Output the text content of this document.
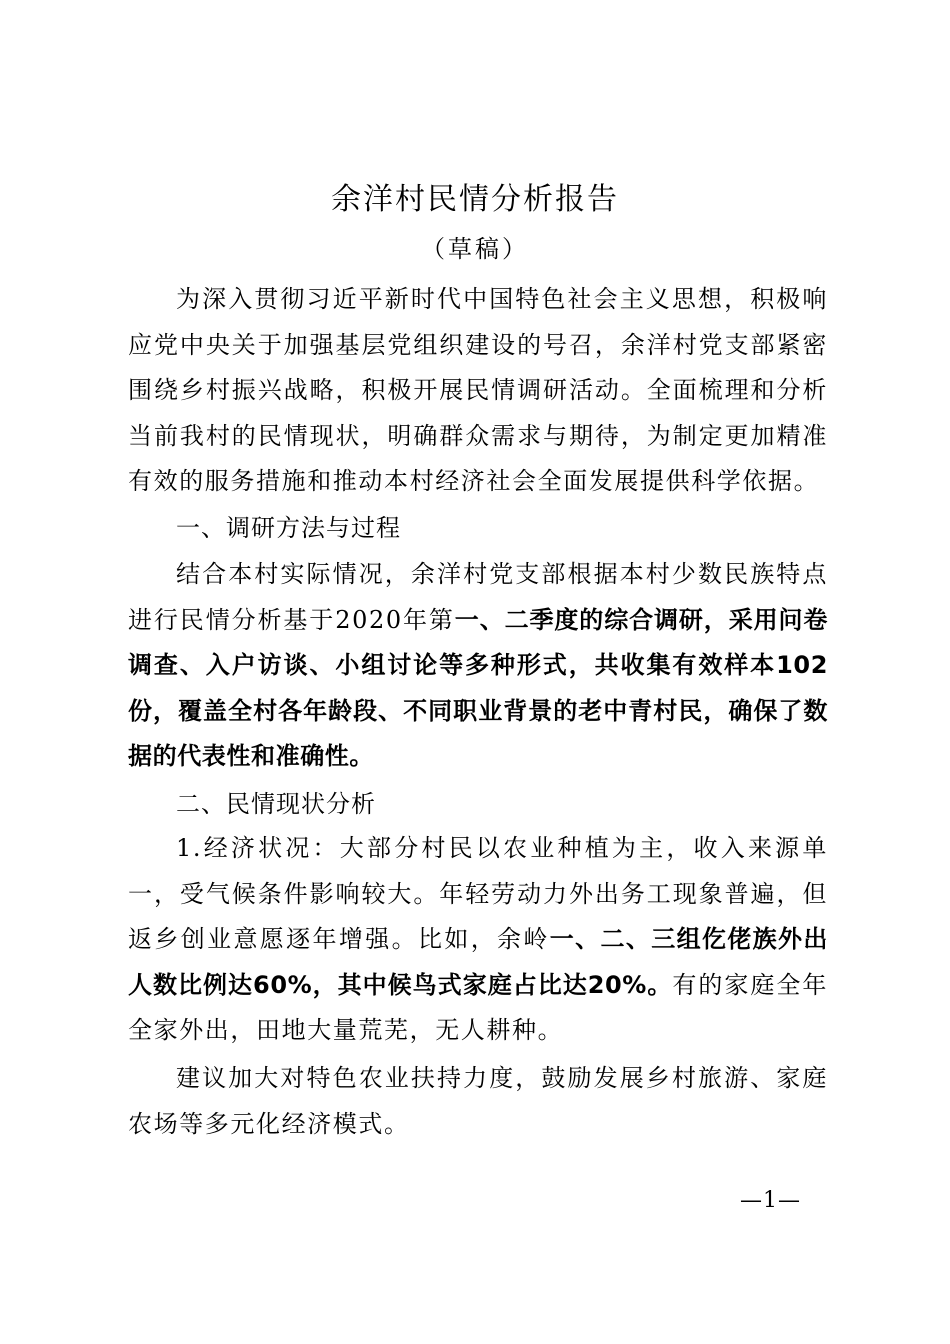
余洋村民情分析报告
（草稿）

为深入贯彻习近平新时代中国特色社会主义思想，积极响应党中央关于加强基层党组织建设的号召，余洋村党支部紧密围绕乡村振兴战略，积极开展民情调研活动。全面梳理和分析当前我村的民情现状，明确群众需求与期待，为制定更加精准有效的服务措施和推动本村经济社会全面发展提供科学依据。

一、调研方法与过程

结合本村实际情况，余洋村党支部根据本村少数民族特点进行民情分析基于2020年第一、二季度的综合调研，采用问卷调查、入户访谈、小组讨论等多种形式，共收集有效样本102份，覆盖全村各年龄段、不同职业背景的老中青村民，确保了数据的代表性和准确性。

二、民情现状分析

1.经济状况：大部分村民以农业种植为主，收入来源单一，受气候条件影响较大。年轻劳动力外出务工现象普遍，但返乡创业意愿逐年增强。比如，余岭一、二、三组仡佬族外出人数比例达60%，其中候鸟式家庭占比达20%。有的家庭全年全家外出，田地大量荒芜，无人耕种。

建议加大对特色农业扶持力度，鼓励发展乡村旅游、家庭农场等多元化经济模式。

—1—
